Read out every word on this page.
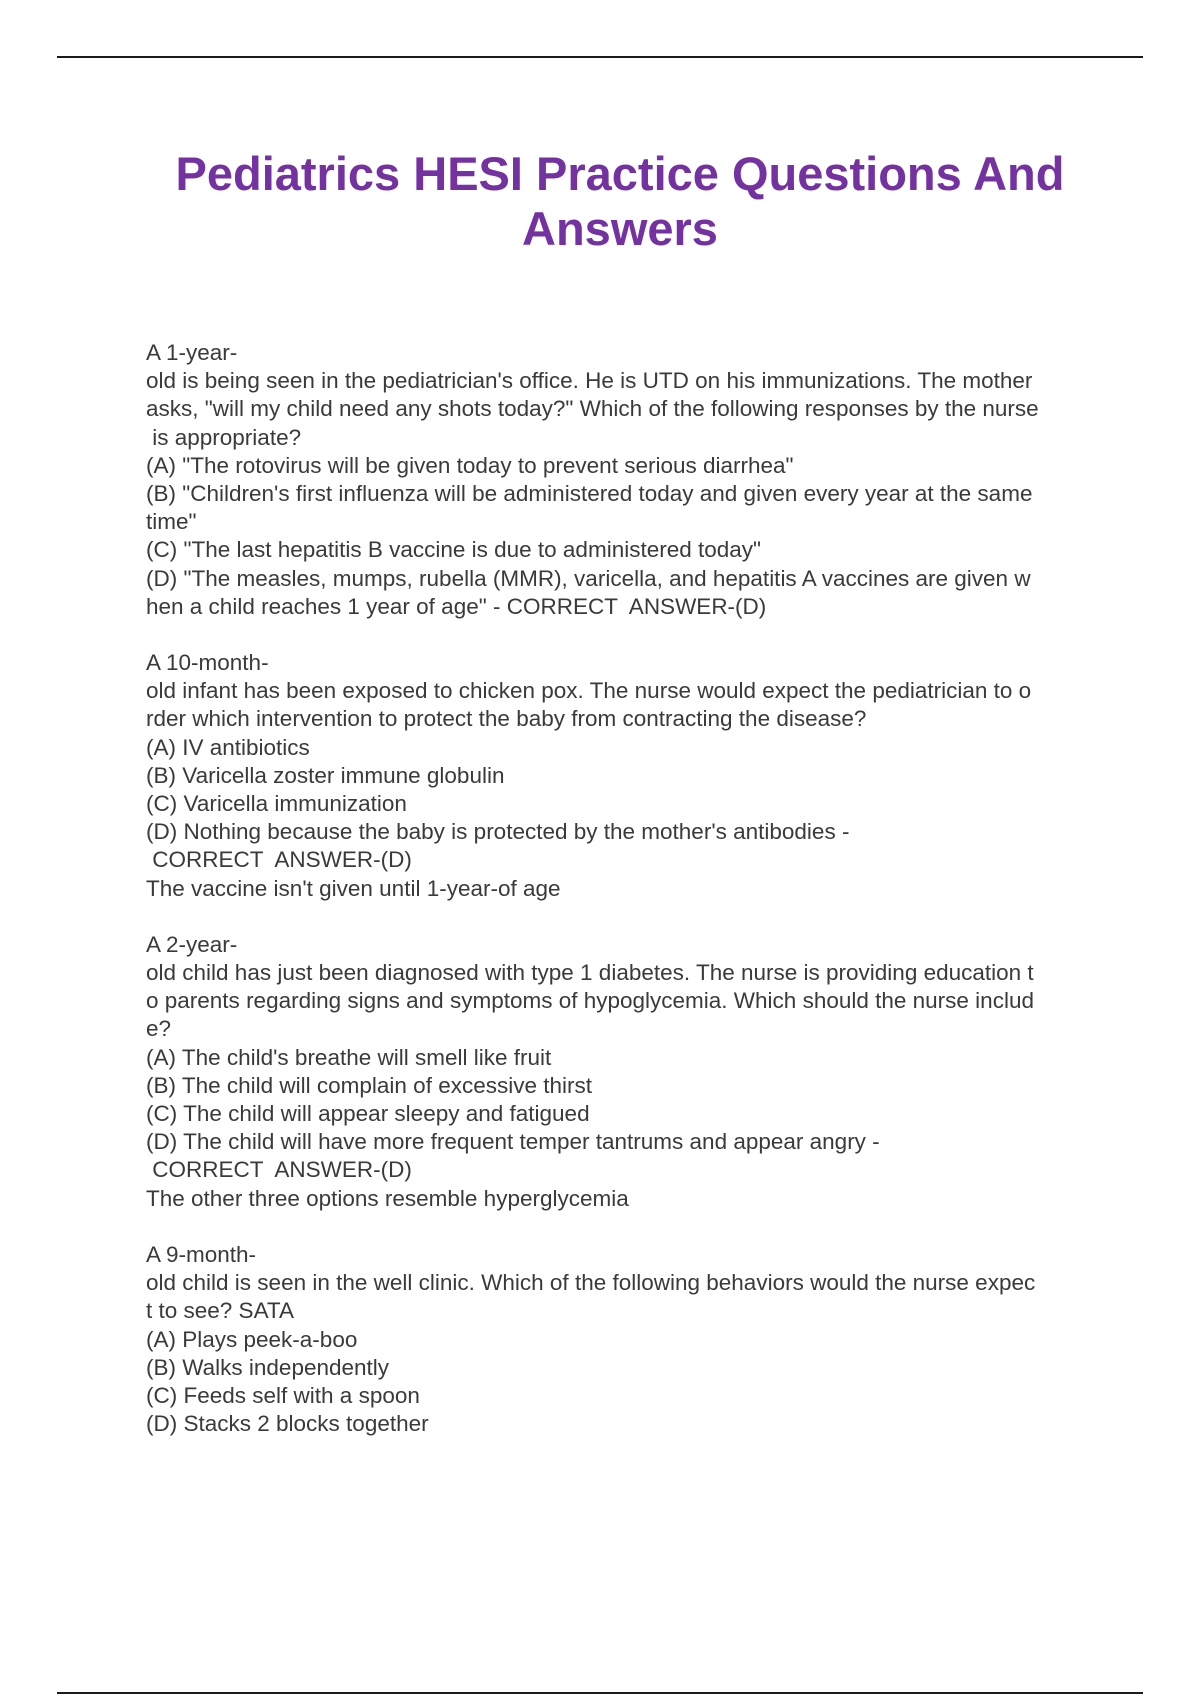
Pediatrics HESI Practice Questions And
Answers
A 1-year-
old is being seen in the pediatrician's office. He is UTD on his immunizations. The mother
asks, "will my child need any shots today?" Which of the following responses by the nurse
is appropriate?
(A) "The rotovirus will be given today to prevent serious diarrhea"
(B) "Children's first influenza will be administered today and given every year at the same
time"
(C) "The last hepatitis B vaccine is due to administered today"
(D) "The measles, mumps, rubella (MMR), varicella, and hepatitis A vaccines are given w
hen a child reaches 1 year of age" - CORRECT  ANSWER-(D)
A 10-month-
old infant has been exposed to chicken pox. The nurse would expect the pediatrician to o
rder which intervention to protect the baby from contracting the disease?
(A) IV antibiotics
(B) Varicella zoster immune globulin
(C) Varicella immunization
(D) Nothing because the baby is protected by the mother's antibodies -
CORRECT  ANSWER-(D)
The vaccine isn't given until 1-year-of age
A 2-year-
old child has just been diagnosed with type 1 diabetes. The nurse is providing education t
o parents regarding signs and symptoms of hypoglycemia. Which should the nurse includ
e?
(A) The child's breathe will smell like fruit
(B) The child will complain of excessive thirst
(C) The child will appear sleepy and fatigued
(D) The child will have more frequent temper tantrums and appear angry -
CORRECT  ANSWER-(D)
The other three options resemble hyperglycemia
A 9-month-
old child is seen in the well clinic. Which of the following behaviors would the nurse expec
t to see? SATA
(A) Plays peek-a-boo
(B) Walks independently
(C) Feeds self with a spoon
(D) Stacks 2 blocks together
